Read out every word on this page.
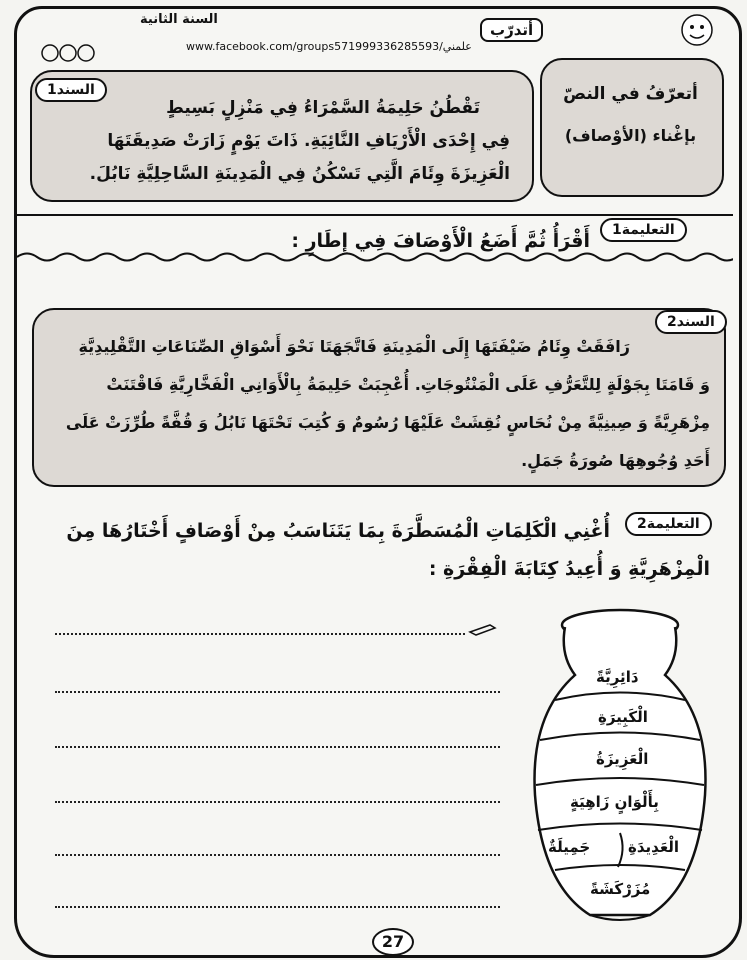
السنة الثانية
www.facebook.com/groups571999336285593/علمني
أتدرّب
أتعرّفُ في النصّ
بإغْناء (الأوْصاف)
السند1
تَقْطُنُ حَلِيمَةُ السَّمْرَاءُ فِي مَنْزِلٍ بَسِيطٍ
فِي إِحْدَى الْأَرْيَافِ النَّائِيَةِ. ذَاتَ يَوْمٍ زَارَتْ صَدِيقَتَهَا
الْعَزِيزَةَ وِئَامَ الَّتِي تَسْكُنُ فِي الْمَدِينَةِ السَّاحِلِيَّةِ نَابُلَ.
التعليمة1
أَقْرَأُ ثُمَّ أَضَعُ الْأَوْصَافَ فِي إِطَارٍ :
السند2
رَافَقَتْ وِئَامُ ضَيْفَتَهَا إِلَى الْمَدِينَةِ فَاتَّجَهَتَا نَحْوَ أَسْوَاقِ الصِّنَاعَاتِ التَّقْلِيدِيَّةِ
وَ قَامَتَا بِجَوْلَةٍ لِلتَّعَرُّفِ عَلَى الْمَنْتُوجَاتِ. أُعْجِبَتْ حَلِيمَةُ بِالْأَوَانِي الْفَخَّارِيَّةِ فَاقْتَنَتْ
مِزْهَرِيَّةً وَ صِينِيَّةً مِنْ نُحَاسٍ نُقِشَتْ عَلَيْهَا رُسُومٌ وَ كُتِبَ تَحْتَهَا نَابُلُ وَ قُفَّةً طُرِّزَتْ عَلَى
أَحَدِ وُجُوهِهَا صُورَةُ جَمَلٍ.
التعليمة2
أُغْنِي الْكَلِمَاتِ الْمُسَطَّرَةَ بِمَا يَتَنَاسَبُ مِنْ أَوْصَافٍ أَخْتَارُهَا مِنَ
الْمِزْهَرِيَّةِ وَ أُعِيدُ كِتَابَةَ الْفِقْرَةِ :
دَائِرِيَّةً
الْكَبِيرَةِ
الْعَزِيزَةُ
بِأَلْوَانٍ زَاهِيَةٍ
الْعَدِيدَةِ
جَمِيلَةٌ
مُزَرْكَشَةً
27
